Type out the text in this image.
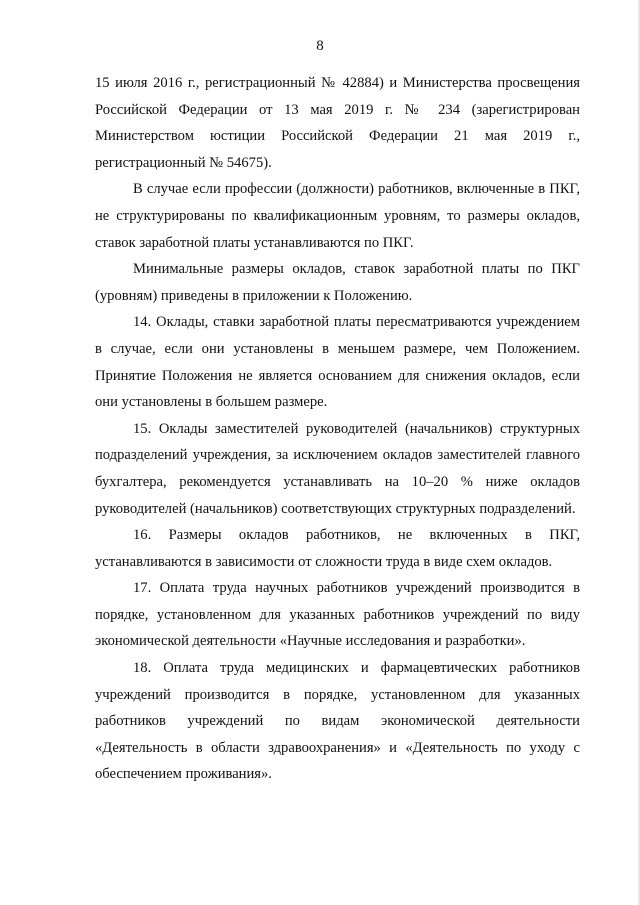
8

15 июля 2016 г., регистрационный № 42884) и Министерства просвещения Российской Федерации от 13 мая 2019 г. № 234 (зарегистрирован Министерством юстиции Российской Федерации 21 мая 2019 г., регистрационный № 54675).

В случае если профессии (должности) работников, включенные в ПКГ, не структурированы по квалификационным уровням, то размеры окладов, ставок заработной платы устанавливаются по ПКГ.

Минимальные размеры окладов, ставок заработной платы по ПКГ (уровням) приведены в приложении к Положению.

14. Оклады, ставки заработной платы пересматриваются учреждением в случае, если они установлены в меньшем размере, чем Положением. Принятие Положения не является основанием для снижения окладов, если они установлены в большем размере.

15. Оклады заместителей руководителей (начальников) структурных подразделений учреждения, за исключением окладов заместителей главного бухгалтера, рекомендуется устанавливать на 10–20 % ниже окладов руководителей (начальников) соответствующих структурных подразделений.

16. Размеры окладов работников, не включенных в ПКГ, устанавливаются в зависимости от сложности труда в виде схем окладов.

17. Оплата труда научных работников учреждений производится в порядке, установленном для указанных работников учреждений по виду экономической деятельности «Научные исследования и разработки».

18. Оплата труда медицинских и фармацевтических работников учреждений производится в порядке, установленном для указанных работников учреждений по видам экономической деятельности «Деятельность в области здравоохранения» и «Деятельность по уходу с обеспечением проживания».
